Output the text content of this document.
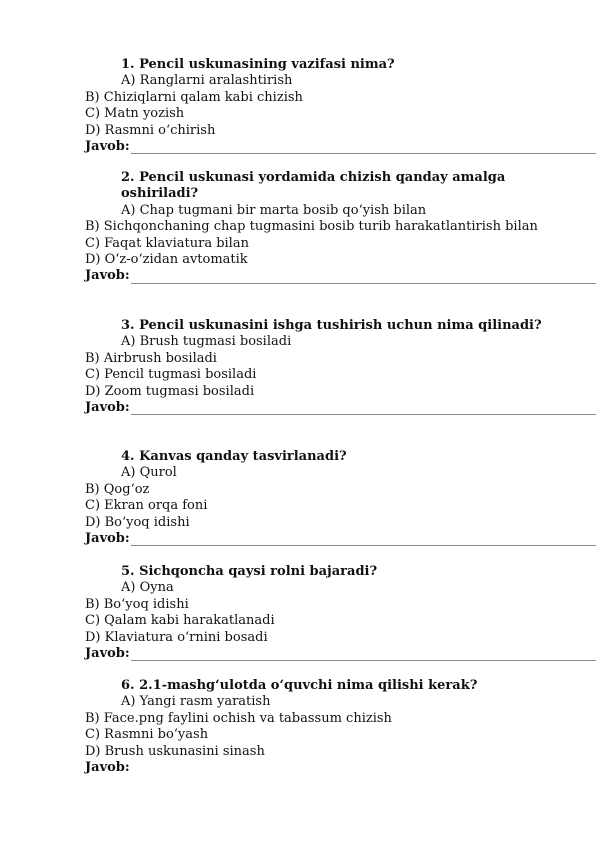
1. Pencil uskunasining vazifasi nima?
A) Ranglarni aralashtirish
B) Chiziqlarni qalam kabi chizish
C) Matn yozish
D) Rasmni o‘chirish
Javob:
2. Pencil uskunasi yordamida chizish qanday amalga oshiriladi?
A) Chap tugmani bir marta bosib qo‘yish bilan
B) Sichqonchaning chap tugmasini bosib turib harakatlantirish bilan
C) Faqat klaviatura bilan
D) O‘z-o‘zidan avtomatik
Javob:
3. Pencil uskunasini ishga tushirish uchun nima qilinadi?
A) Brush tugmasi bosiladi
B) Airbrush bosiladi
C) Pencil tugmasi bosiladi
D) Zoom tugmasi bosiladi
Javob:
4. Kanvas qanday tasvirlanadi?
A) Qurol
B) Qog‘oz
C) Ekran orqa foni
D) Bo‘yoq idishi
Javob:
5. Sichqoncha qaysi rolni bajaradi?
A) Oyna
B) Bo‘yoq idishi
C) Qalam kabi harakatlanadi
D) Klaviatura o‘rnini bosadi
Javob:
6. 2.1-mashg‘ulotda o‘quvchi nima qilishi kerak?
A) Yangi rasm yaratish
B) Face.png faylini ochish va tabassum chizish
C) Rasmni bo‘yash
D) Brush uskunasini sinash
Javob:
